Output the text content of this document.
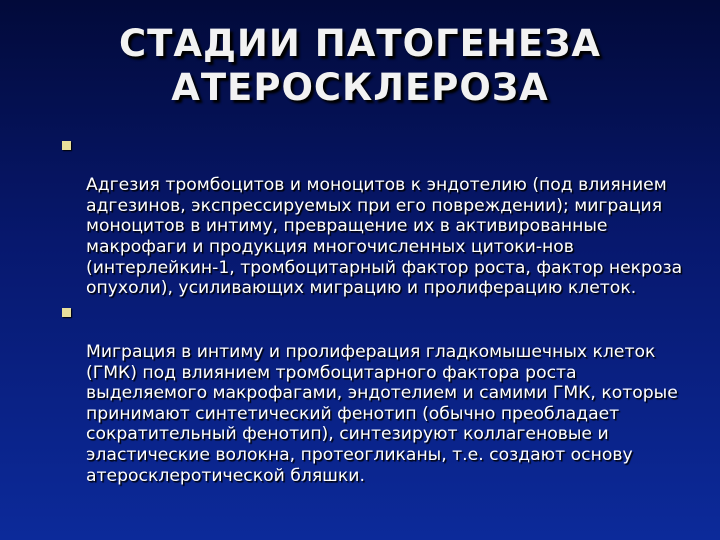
СТАДИИ ПАТОГЕНЕЗА
АТЕРОСКЛЕРОЗА

Адгезия тромбоцитов и моноцитов к эндотелию (под влиянием адгезинов, экспрессируемых при его повреждении); миграция моноцитов в интиму, превращение их в активированные макрофаги и продукция многочисленных цитоки-нов (интерлейкин-1, тромбоцитарный фактор роста, фактор некроза опухоли), усиливающих миграцию и пролиферацию клеток.

Миграция в интиму и пролиферация гладкомышечных клеток (ГМК) под влиянием тромбоцитарного фактора роста выделяемого макрофагами, эндотелием и самими ГМК, которые принимают синтетический фенотип (обычно преобладает сократительный фенотип), синтезируют коллагеновые и эластические волокна, протеогликаны, т.е. создают основу атеросклеротической бляшки.
